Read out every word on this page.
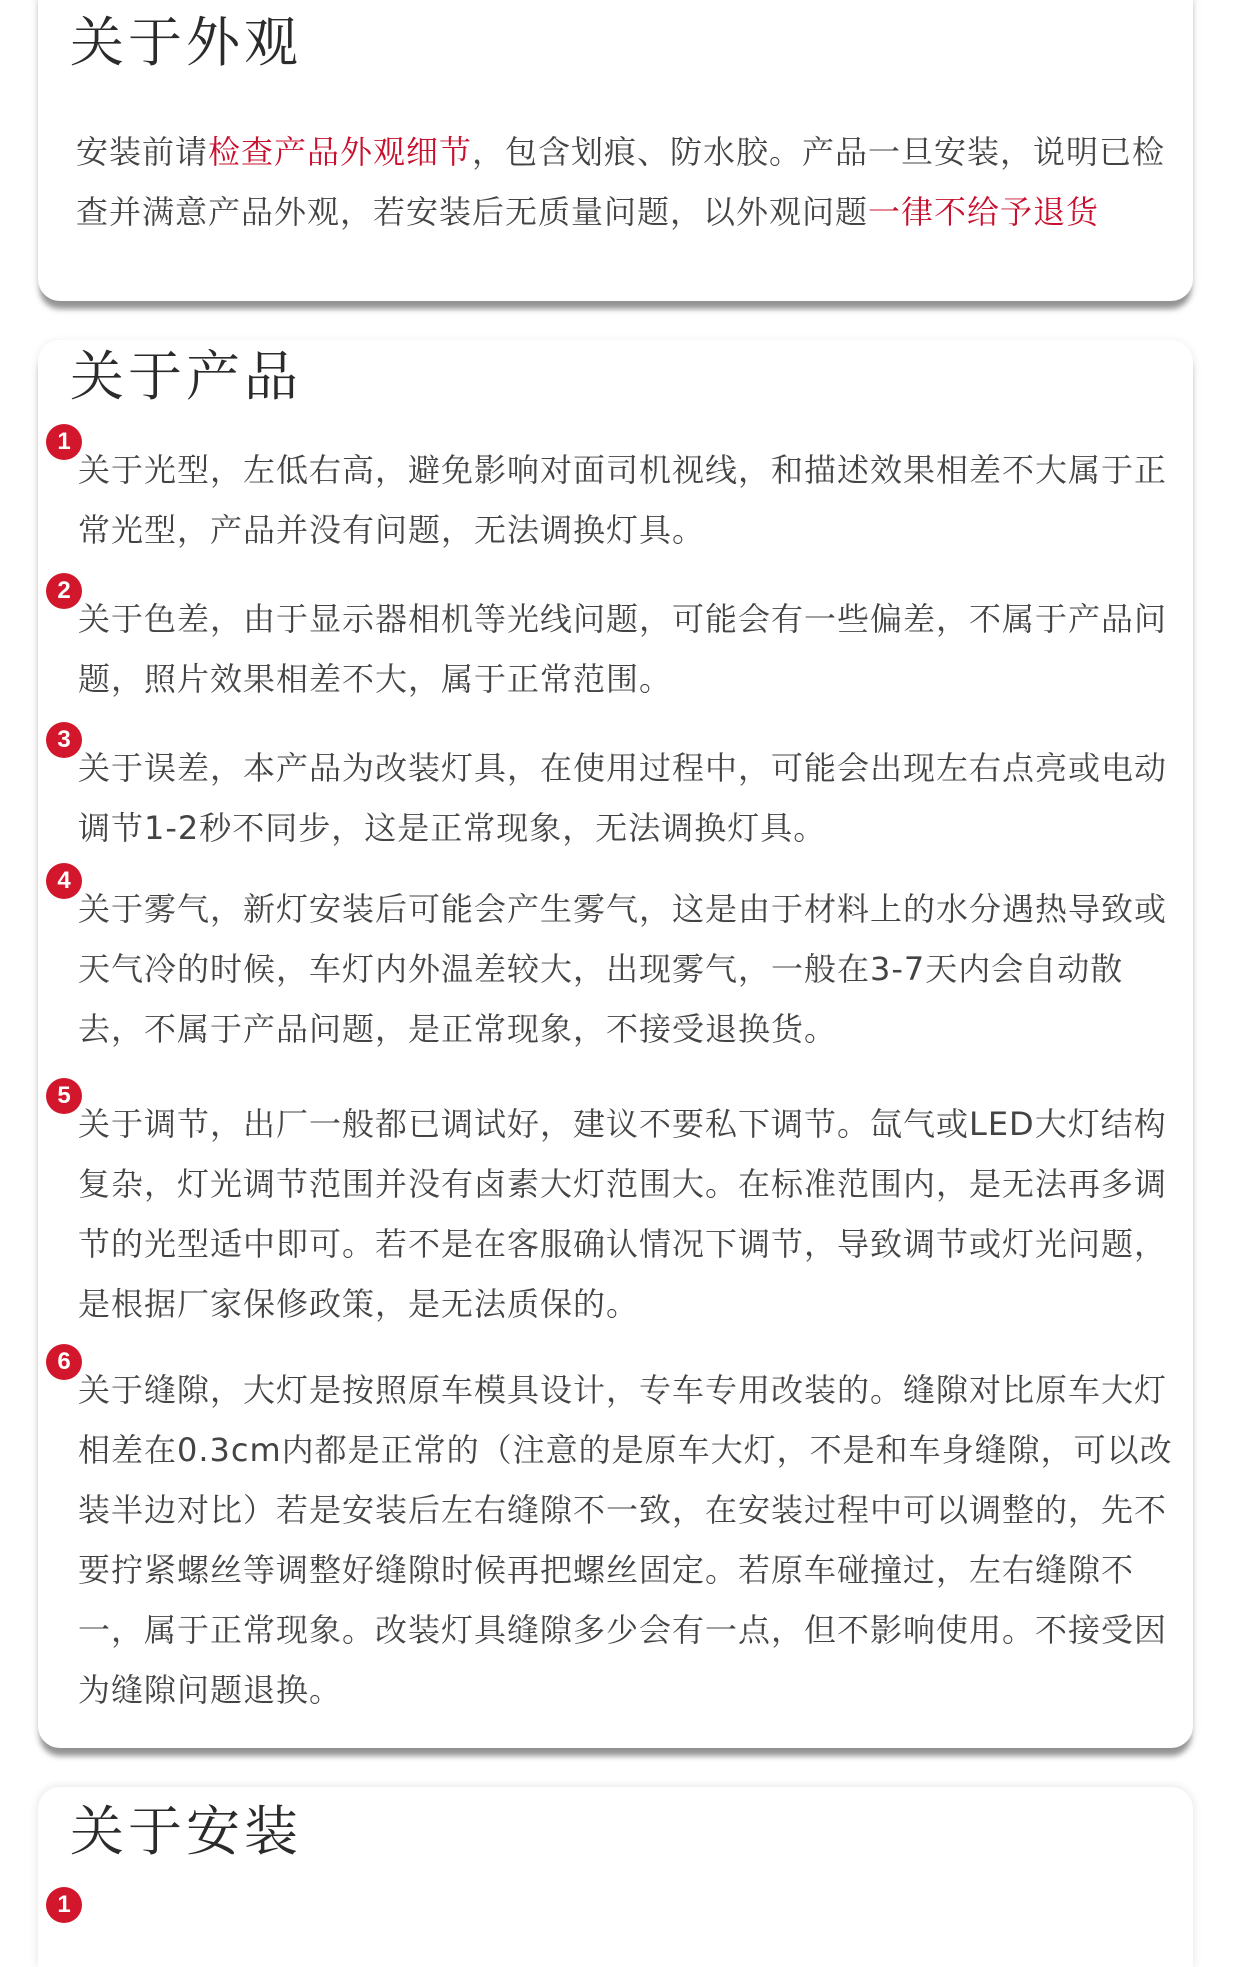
关于外观

安装前请检查产品外观细节，包含划痕、防水胶。产品一旦安装，说明已检查并满意产品外观，若安装后无质量问题，以外观问题一律不给予退货

关于产品
1

关于光型，左低右高，避免影响对面司机视线，和描述效果相差不大属于正常光型，产品并没有问题，无法调换灯具。

2

关于色差，由于显示器相机等光线问题，可能会有一些偏差，不属于产品问题，照片效果相差不大，属于正常范围。

3

关于误差，本产品为改装灯具，在使用过程中，可能会出现左右点亮或电动调节1-2秒不同步，这是正常现象，无法调换灯具。

4

关于雾气，新灯安装后可能会产生雾气，这是由于材料上的水分遇热导致或天气冷的时候，车灯内外温差较大，出现雾气，一般在3-7天内会自动散去，不属于产品问题，是正常现象，不接受退换货。

5

关于调节，出厂一般都已调试好，建议不要私下调节。氙气或LED大灯结构复杂，灯光调节范围并没有卤素大灯范围大。在标准范围内，是无法再多调节的光型适中即可。若不是在客服确认情况下调节，导致调节或灯光问题，是根据厂家保修政策，是无法质保的。

6

关于缝隙，大灯是按照原车模具设计，专车专用改装的。缝隙对比原车大灯相差在0.3cm内都是正常的（注意的是原车大灯，不是和车身缝隙，可以改装半边对比）若是安装后左右缝隙不一致，在安装过程中可以调整的，先不要拧紧螺丝等调整好缝隙时候再把螺丝固定。若原车碰撞过，左右缝隙不一，属于正常现象。改装灯具缝隙多少会有一点，但不影响使用。不接受因为缝隙问题退换。

关于安装
1
